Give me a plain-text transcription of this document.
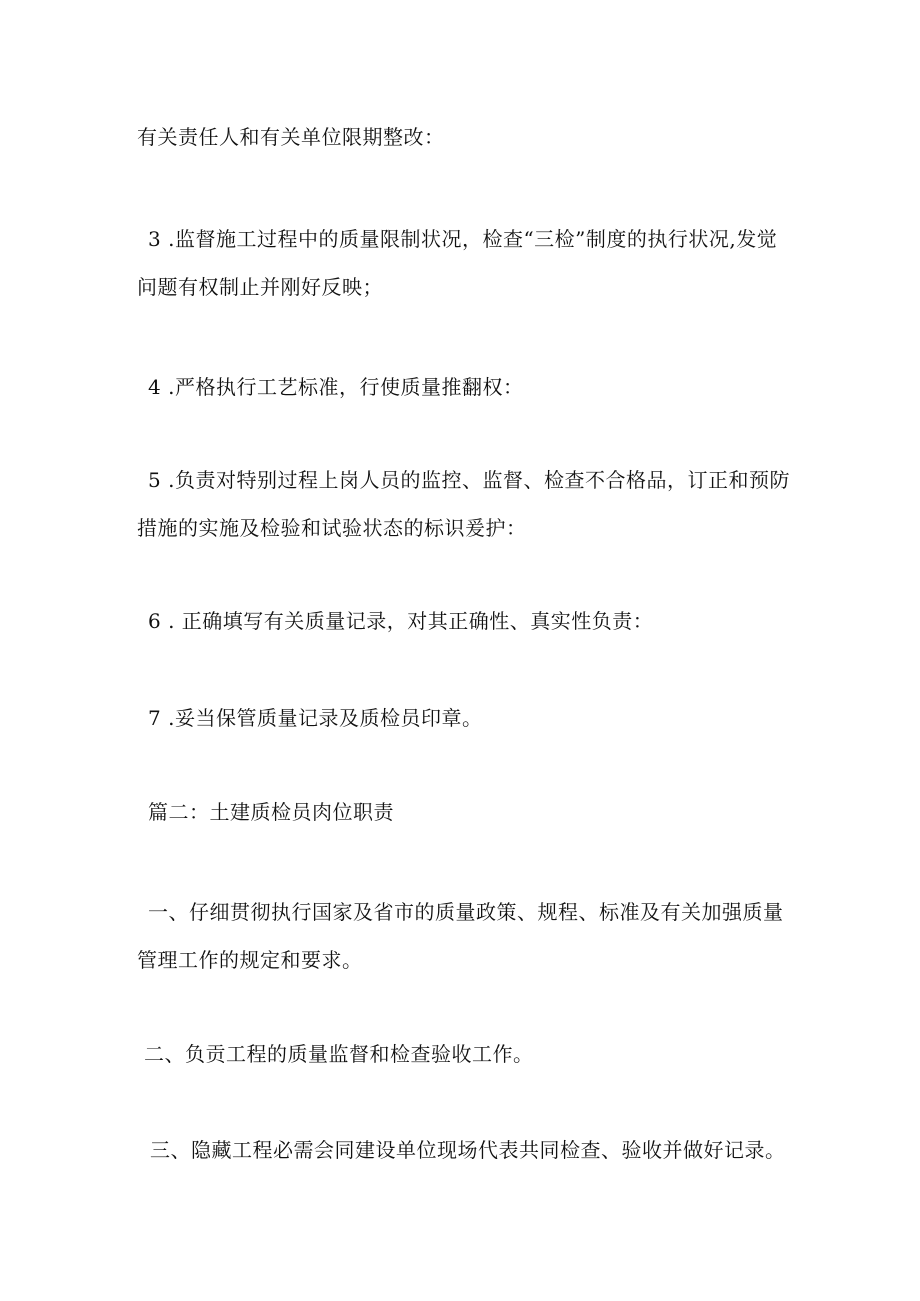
有关责任人和有关单位限期整改：
3 .监督施工过程中的质量限制状况，检查“三检”制度的执行状况,发觉
问题有权制止并刚好反映；
4 .严格执行工艺标准，行使质量推翻权：
5 .负责对特别过程上岗人员的监控、监督、检查不合格品，订正和预防
措施的实施及检验和试验状态的标识爰护：
6 . 正确填写有关质量记录，对其正确性、真实性负责：
7 .妥当保管质量记录及质检员印章。
篇二：土建质检员肉位职责
一、仔细贯彻执行国家及省市的质量政策、规程、标准及有关加强质量
管理工作的规定和要求。
二、负贡工程的质量监督和检查验收工作。
三、隐藏工程必需会同建设单位现场代表共同检查、验收并做好记录。
